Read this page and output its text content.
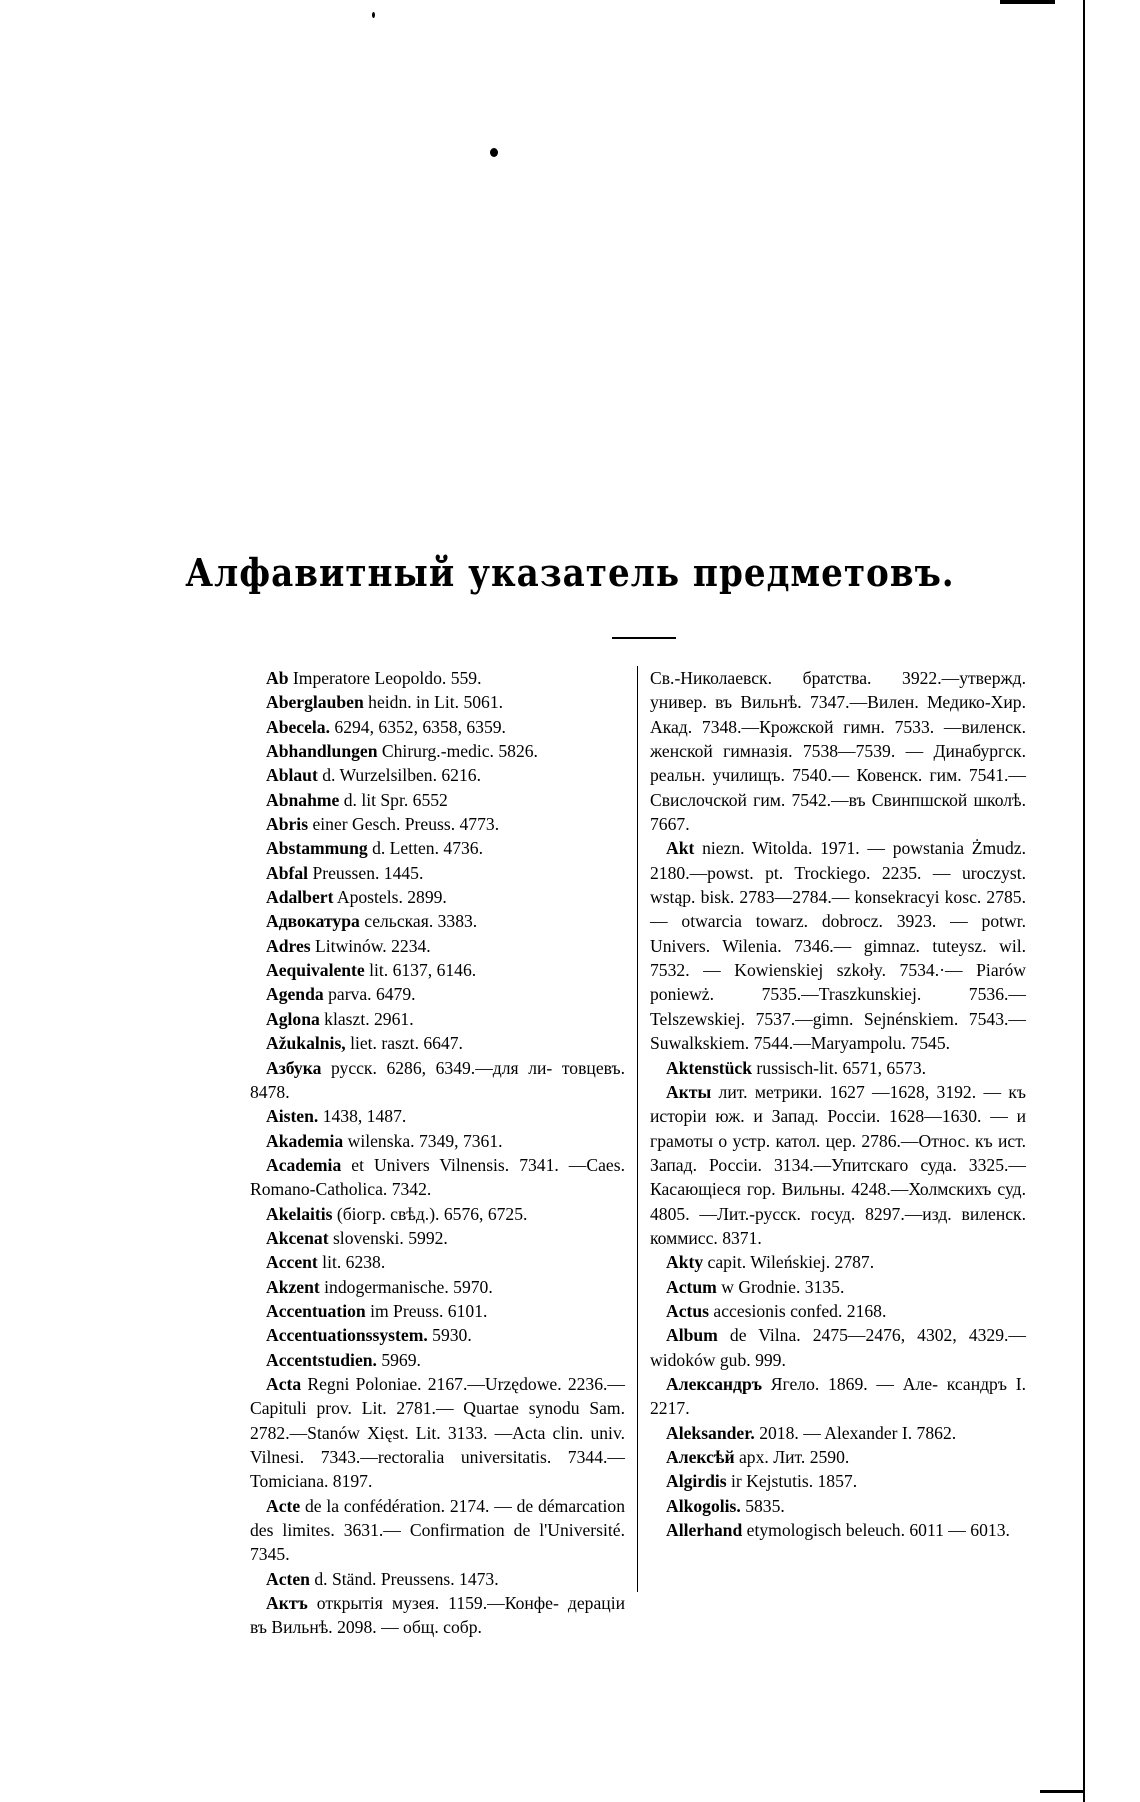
Алфавитный указатель предметовъ.

Ab Imperatore Leopoldo. 559.

Aberglauben heidn. in Lit. 5061.

Abecela. 6294, 6352, 6358, 6359.

Abhandlungen Chirurg.-medic. 5826.

Ablaut d. Wurzelsilben. 6216.

Abnahme d. lit Spr. 6552

Abris einer Gesch. Preuss. 4773.

Abstammung d. Letten. 4736.

Abfal Preussen. 1445.

Adalbert Apostels. 2899.

Адвокатура сельская. 3383.

Adres Litwinów. 2234.

Aequivalente lit. 6137, 6146.

Agenda parva. 6479.

Aglona klaszt. 2961.

Ažukalnis, liet. raszt. 6647.

Азбука русск. 6286, 6349.—для ли- товцевъ. 8478.

Aisten. 1438, 1487.

Akademia wilenska. 7349, 7361.

Academia et Univers Vilnensis. 7341. —Caes. Romano-Catholica. 7342.

Akelaitis (біогр. свѣд.). 6576, 6725.

Akcenat slovenski. 5992.

Accent lit. 6238.

Akzent indogermanische. 5970.

Accentuation im Preuss. 6101.

Accentuationssystem. 5930.

Accentstudien. 5969.

Acta Regni Poloniae. 2167.—Urzędowe. 2236.— Capituli prov. Lit. 2781.— Quartae synodu Sam. 2782.—Stanów Xięst. Lit. 3133. —Acta clin. univ. Vilnesi. 7343.—rectoralia universitatis. 7344.—Tomiciana. 8197.

Acte de la confédération. 2174. — de démarcation des limites. 3631.— Confirmation de l'Université. 7345.

Acten d. Ständ. Preussens. 1473.

Актъ открытія музея. 1159.—Конфе- дераціи въ Вильнѣ. 2098. — общ. собр.

Св.-Николаевск. братства. 3922.—утвержд. универ. въ Вильнѣ. 7347.—Вилен. Медико-Хир. Акад. 7348.—Крожской гимн. 7533. —виленск. женской гимназія. 7538—7539. — Динабургск. реальн. училищъ. 7540.— Ковенск. гим. 7541.— Свислочской гим. 7542.—въ Свинпшской школѣ. 7667.

Akt niezn. Witolda. 1971. — powstania Żmudz. 2180.—powst. pt. Trockiego. 2235. — uroczyst. wstąp. bisk. 2783—2784.— konsekracyi kosc. 2785.— otwarcia towarz. dobrocz. 3923. — potwr. Univers. Wilenia. 7346.— gimnaz. tuteysz. wil. 7532. — Kowienskiej szkoły. 7534.·— Piarów poniewż. 7535.—Traszkunskiej. 7536.—Telszewskiej. 7537.—gimn. Sejnénskiem. 7543.—Suwalkskiem. 7544.—Maryampolu. 7545.

Aktenstück russisch-lit. 6571, 6573.

Акты лит. метрики. 1627 —1628, 3192. — къ исторіи юж. и Запад. Россіи. 1628—1630. — и грамоты о устр. катол. цер. 2786.—Относ. къ ист. Запад. Россіи. 3134.—Упитскаго суда. 3325.—Касающіеся гор. Вильны. 4248.—Холмскихъ суд. 4805. —Лит.-русск. госуд. 8297.—изд. виленск. коммисс. 8371.

Akty capit. Wileńskiej. 2787.

Actum w Grodnie. 3135.

Actus accesionis confed. 2168.

Album de Vilna. 2475—2476, 4302, 4329.—widoków gub. 999.

Александръ Ягело. 1869. — Але- ксандръ I. 2217.

Aleksander. 2018. — Alexander I. 7862.

Алексѣй арх. Лит. 2590.

Algirdis ir Kejstutis. 1857.

Alkogolis. 5835.

Allerhand etymologisch beleuch. 6011 — 6013.
